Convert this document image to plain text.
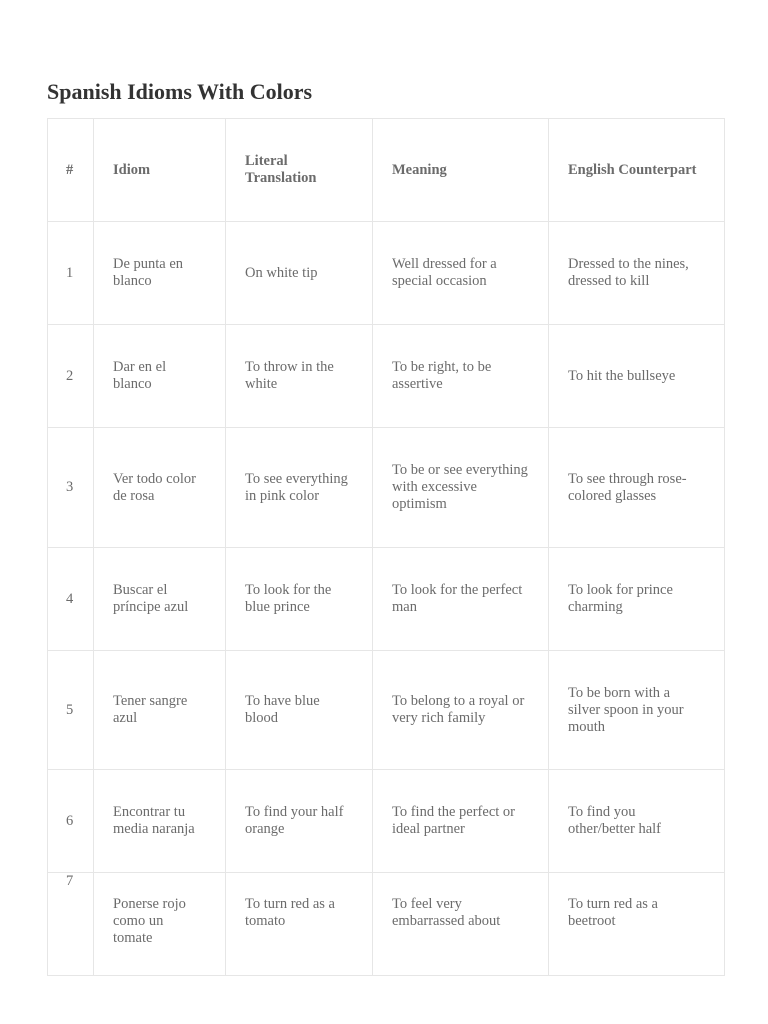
Spanish Idioms With Colors
#	Idiom	Literal Translation	Meaning	English Counterpart
1	De punta en blanco	On white tip	Well dressed for a special occasion	Dressed to the nines, dressed to kill
2	Dar en el blanco	To throw in the white	To be right, to be assertive	To hit the bullseye
3	Ver todo color de rosa	To see everything in pink color	To be or see everything with excessive optimism	To see through rose-colored glasses
4	Buscar el príncipe azul	To look for the blue prince	To look for the perfect man	To look for prince charming
5	Tener sangre azul	To have blue blood	To belong to a royal or very rich family	To be born with a silver spoon in your mouth
6	Encontrar tu media naranja	To find your half orange	To find the perfect or ideal partner	To find you other/better half
7	Ponerse rojo como un tomate	To turn red as a tomato	To feel very embarrassed about	To turn red as a beetroot
